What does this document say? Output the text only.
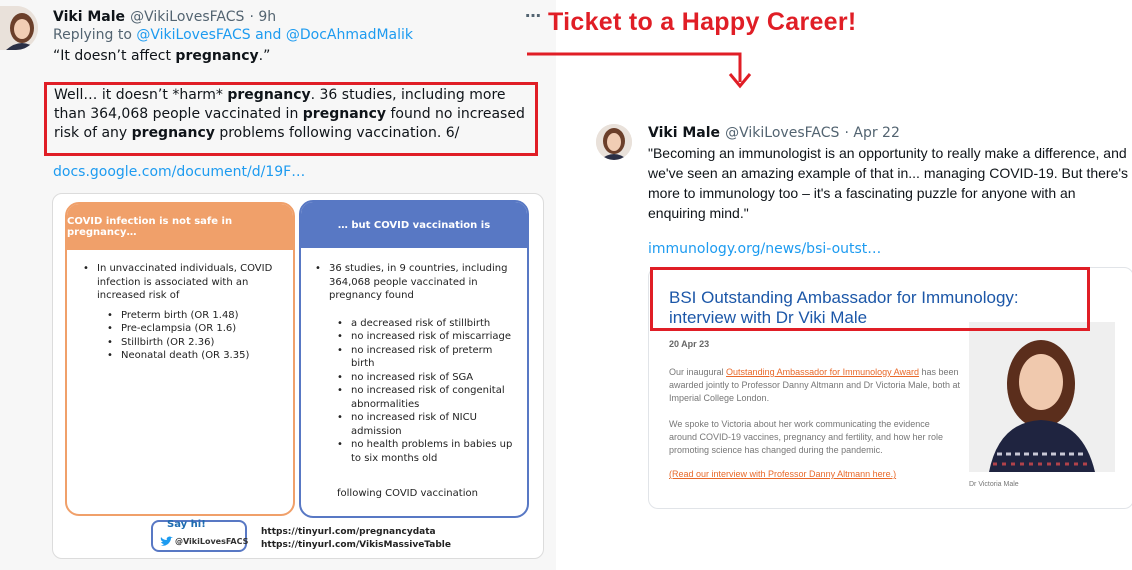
Viki Male @VikiLovesFACS · 9h	…
Replying to @VikiLovesFACS and @DocAhmadMalik
“It doesn’t affect pregnancy.”
Well… it doesn’t *harm* pregnancy. 36 studies, including more than 364,068 people vaccinated in pregnancy found no increased risk of any pregnancy problems following vaccination. 6/
docs.google.com/document/d/19F…
COVID infection is not safe in pregnancy…
• In unvaccinated individuals, COVID infection is associated with an increased risk of
• Preterm birth (OR 1.48)
• Pre-eclampsia (OR 1.6)
• Stillbirth (OR 2.36)
• Neonatal death (OR 3.35)
… but COVID vaccination is
• 36 studies, in 9 countries, including 364,068 people vaccinated in pregnancy found
• a decreased risk of stillbirth
• no increased risk of miscarriage
• no increased risk of preterm birth
• no increased risk of SGA
• no increased risk of congenital abnormalities
• no increased risk of NICU admission
• no health problems in babies up to six months old
following COVID vaccination
Say hi!
@VikiLovesFACS
https://tinyurl.com/pregnancydata
https://tinyurl.com/VikisMassiveTable
Ticket to a Happy Career!
Viki Male @VikiLovesFACS · Apr 22
"Becoming an immunologist is an opportunity to really make a difference, and we've seen an amazing example of that in... managing COVID-19. But there's more to immunology too – it's a fascinating puzzle for anyone with an enquiring mind."
immunology.org/news/bsi-outst…
BSI Outstanding Ambassador for Immunology: interview with Dr Viki Male
20 Apr 23
Our inaugural Outstanding Ambassador for Immunology Award has been awarded jointly to Professor Danny Altmann and Dr Victoria Male, both at Imperial College London.
We spoke to Victoria about her work communicating the evidence around COVID-19 vaccines, pregnancy and fertility, and how her role promoting science has changed during the pandemic.
(Read our interview with Professor Danny Altmann here.)
Dr Victoria Male
